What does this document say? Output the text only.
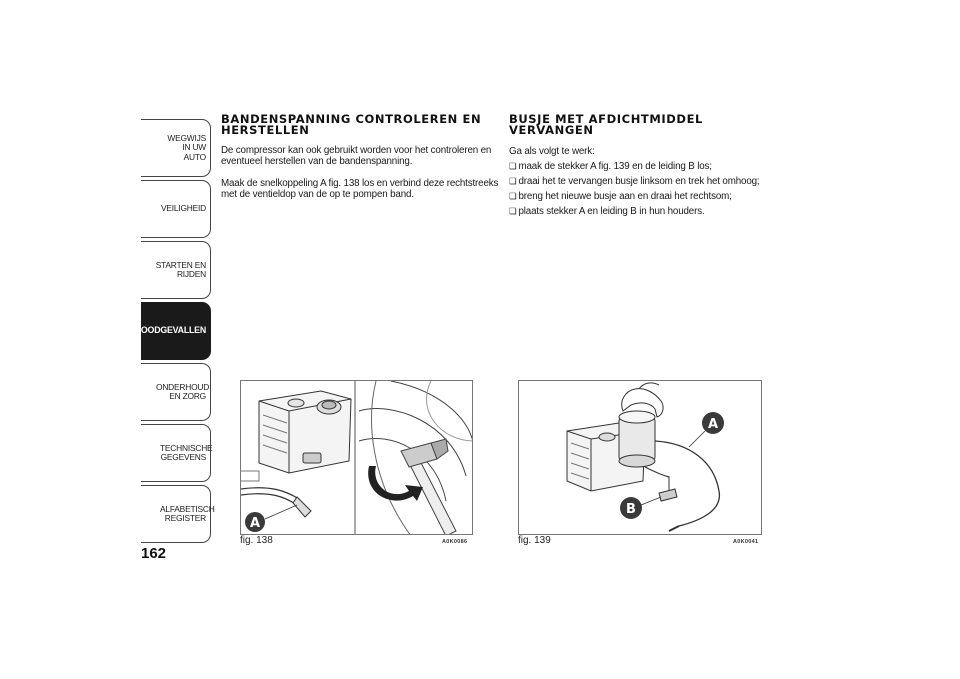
WEGWIJS IN UW AUTO
VEILIGHEID
STARTEN EN RIJDEN
NOODGEVALLEN
ONDERHOUD EN ZORG
TECHNISCHE GEGEVENS
ALFABETISCH REGISTER
162
BANDENSPANNING CONTROLEREN EN
HERSTELLEN
De compressor kan ook gebruikt worden voor het controleren en
eventueel herstellen van de bandenspanning.
Maak de snelkoppeling A fig. 138 los en verbind deze rechtstreeks
met de ventieldop van de op te pompen band.
BUSJE MET AFDICHTMIDDEL
VERVANGEN
Ga als volgt te werk:
❏ maak de stekker A fig. 139 en de leiding B los;
❏ draai het te vervangen busje linksom en trek het omhoog;
❏ breng het nieuwe busje aan en draai het rechtsom;
❏ plaats stekker A en leiding B in hun houders.
A
fig. 138	A0K0086
A
B
fig. 139	A0K0041
